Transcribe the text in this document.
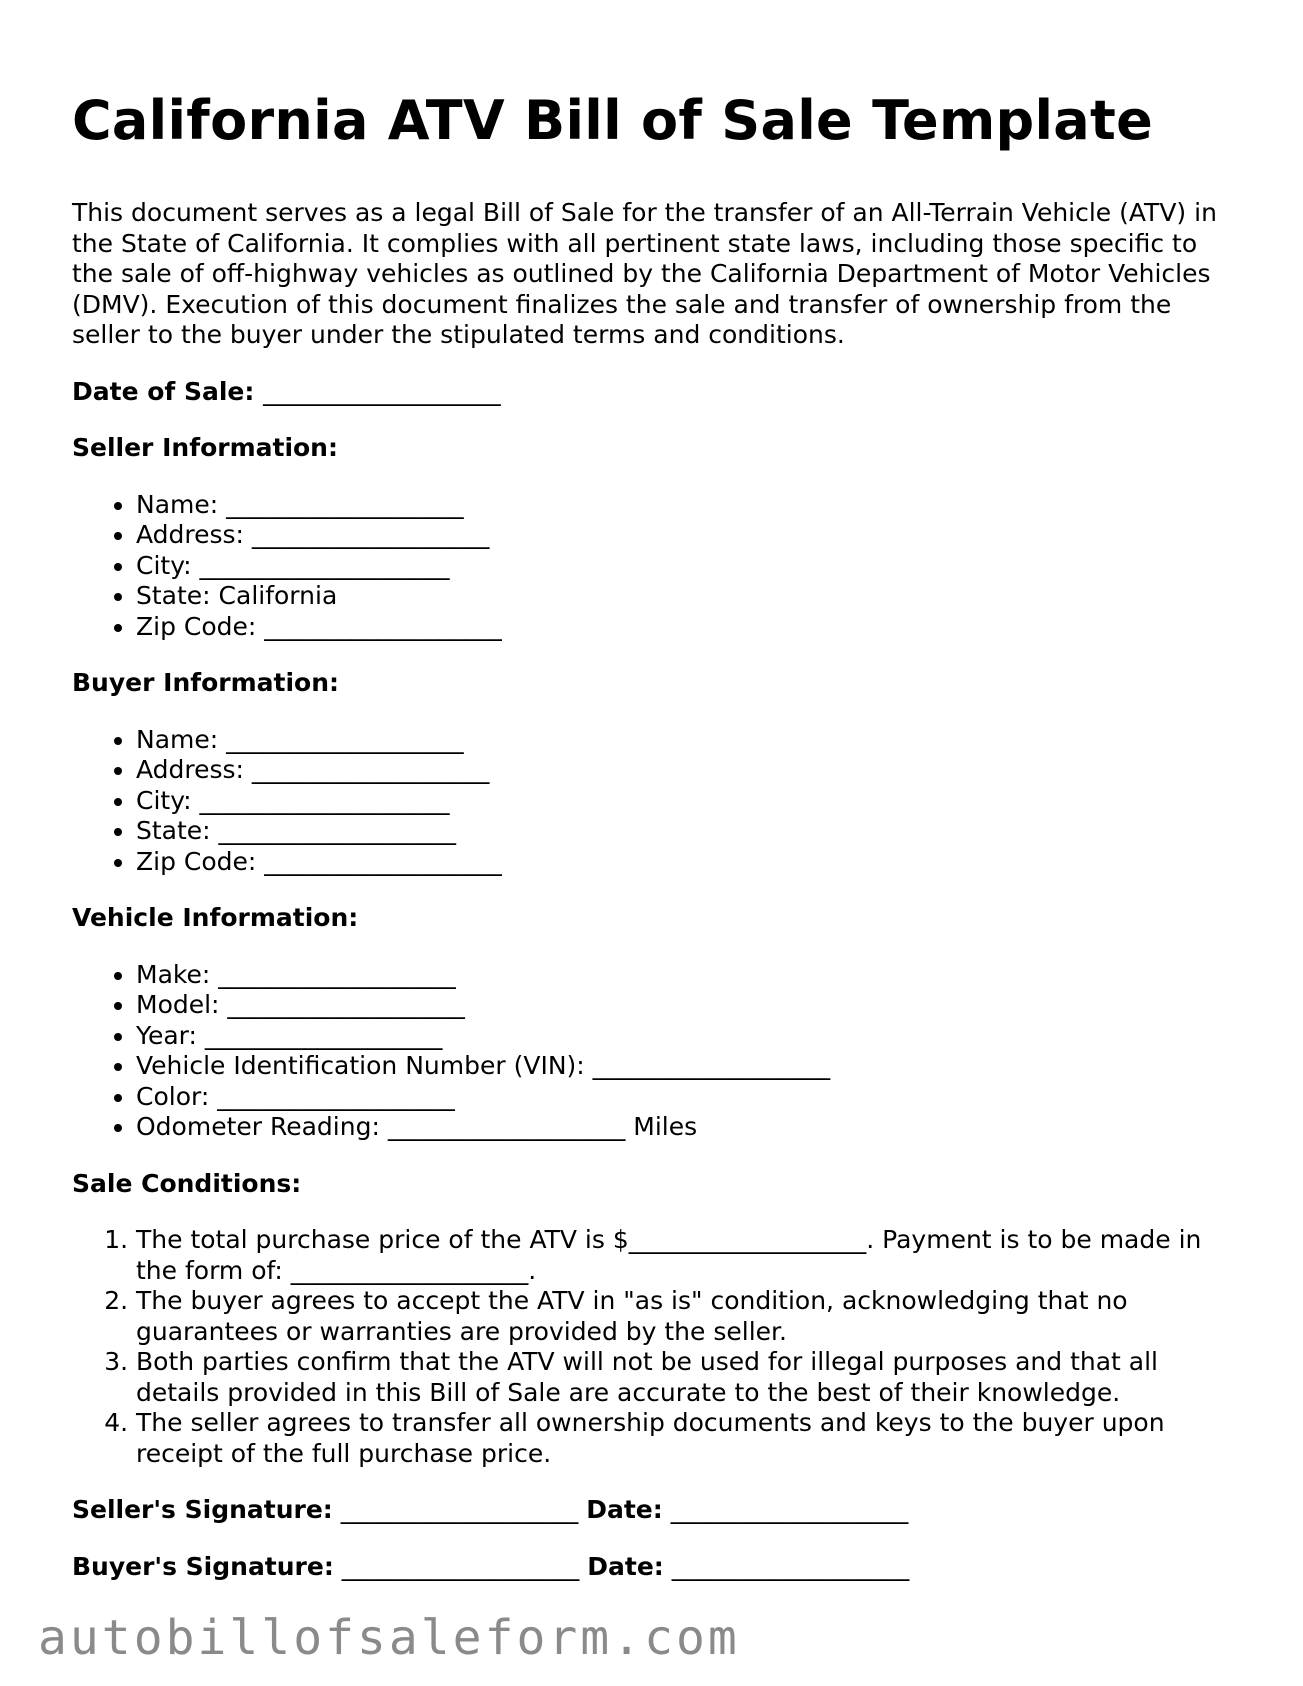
California ATV Bill of Sale Template

This document serves as a legal Bill of Sale for the transfer of an All-Terrain Vehicle (ATV) in the State of California. It complies with all pertinent state laws, including those specific to the sale of off-highway vehicles as outlined by the California Department of Motor Vehicles (DMV). Execution of this document finalizes the sale and transfer of ownership from the seller to the buyer under the stipulated terms and conditions.

Date of Sale: ___________________
Seller Information:
• Name: ___________________
• Address: ___________________
• City: ____________________
• State: California
• Zip Code: ___________________
Buyer Information:
• Name: ___________________
• Address: ___________________
• City: ____________________
• State: ___________________
• Zip Code: ___________________
Vehicle Information:
• Make: ___________________
• Model: ___________________
• Year: ___________________
• Vehicle Identification Number (VIN): ___________________
• Color: ___________________
• Odometer Reading: ___________________ Miles
Sale Conditions:
1. The total purchase price of the ATV is $___________________. Payment is to be made in the form of: ___________________.
2. The buyer agrees to accept the ATV in "as is" condition, acknowledging that no guarantees or warranties are provided by the seller.
3. Both parties confirm that the ATV will not be used for illegal purposes and that all details provided in this Bill of Sale are accurate to the best of their knowledge.
4. The seller agrees to transfer all ownership documents and keys to the buyer upon receipt of the full purchase price.
Seller's Signature: ___________________ Date: ___________________
Buyer's Signature: ___________________ Date: ___________________
autobillofsaleform.com
